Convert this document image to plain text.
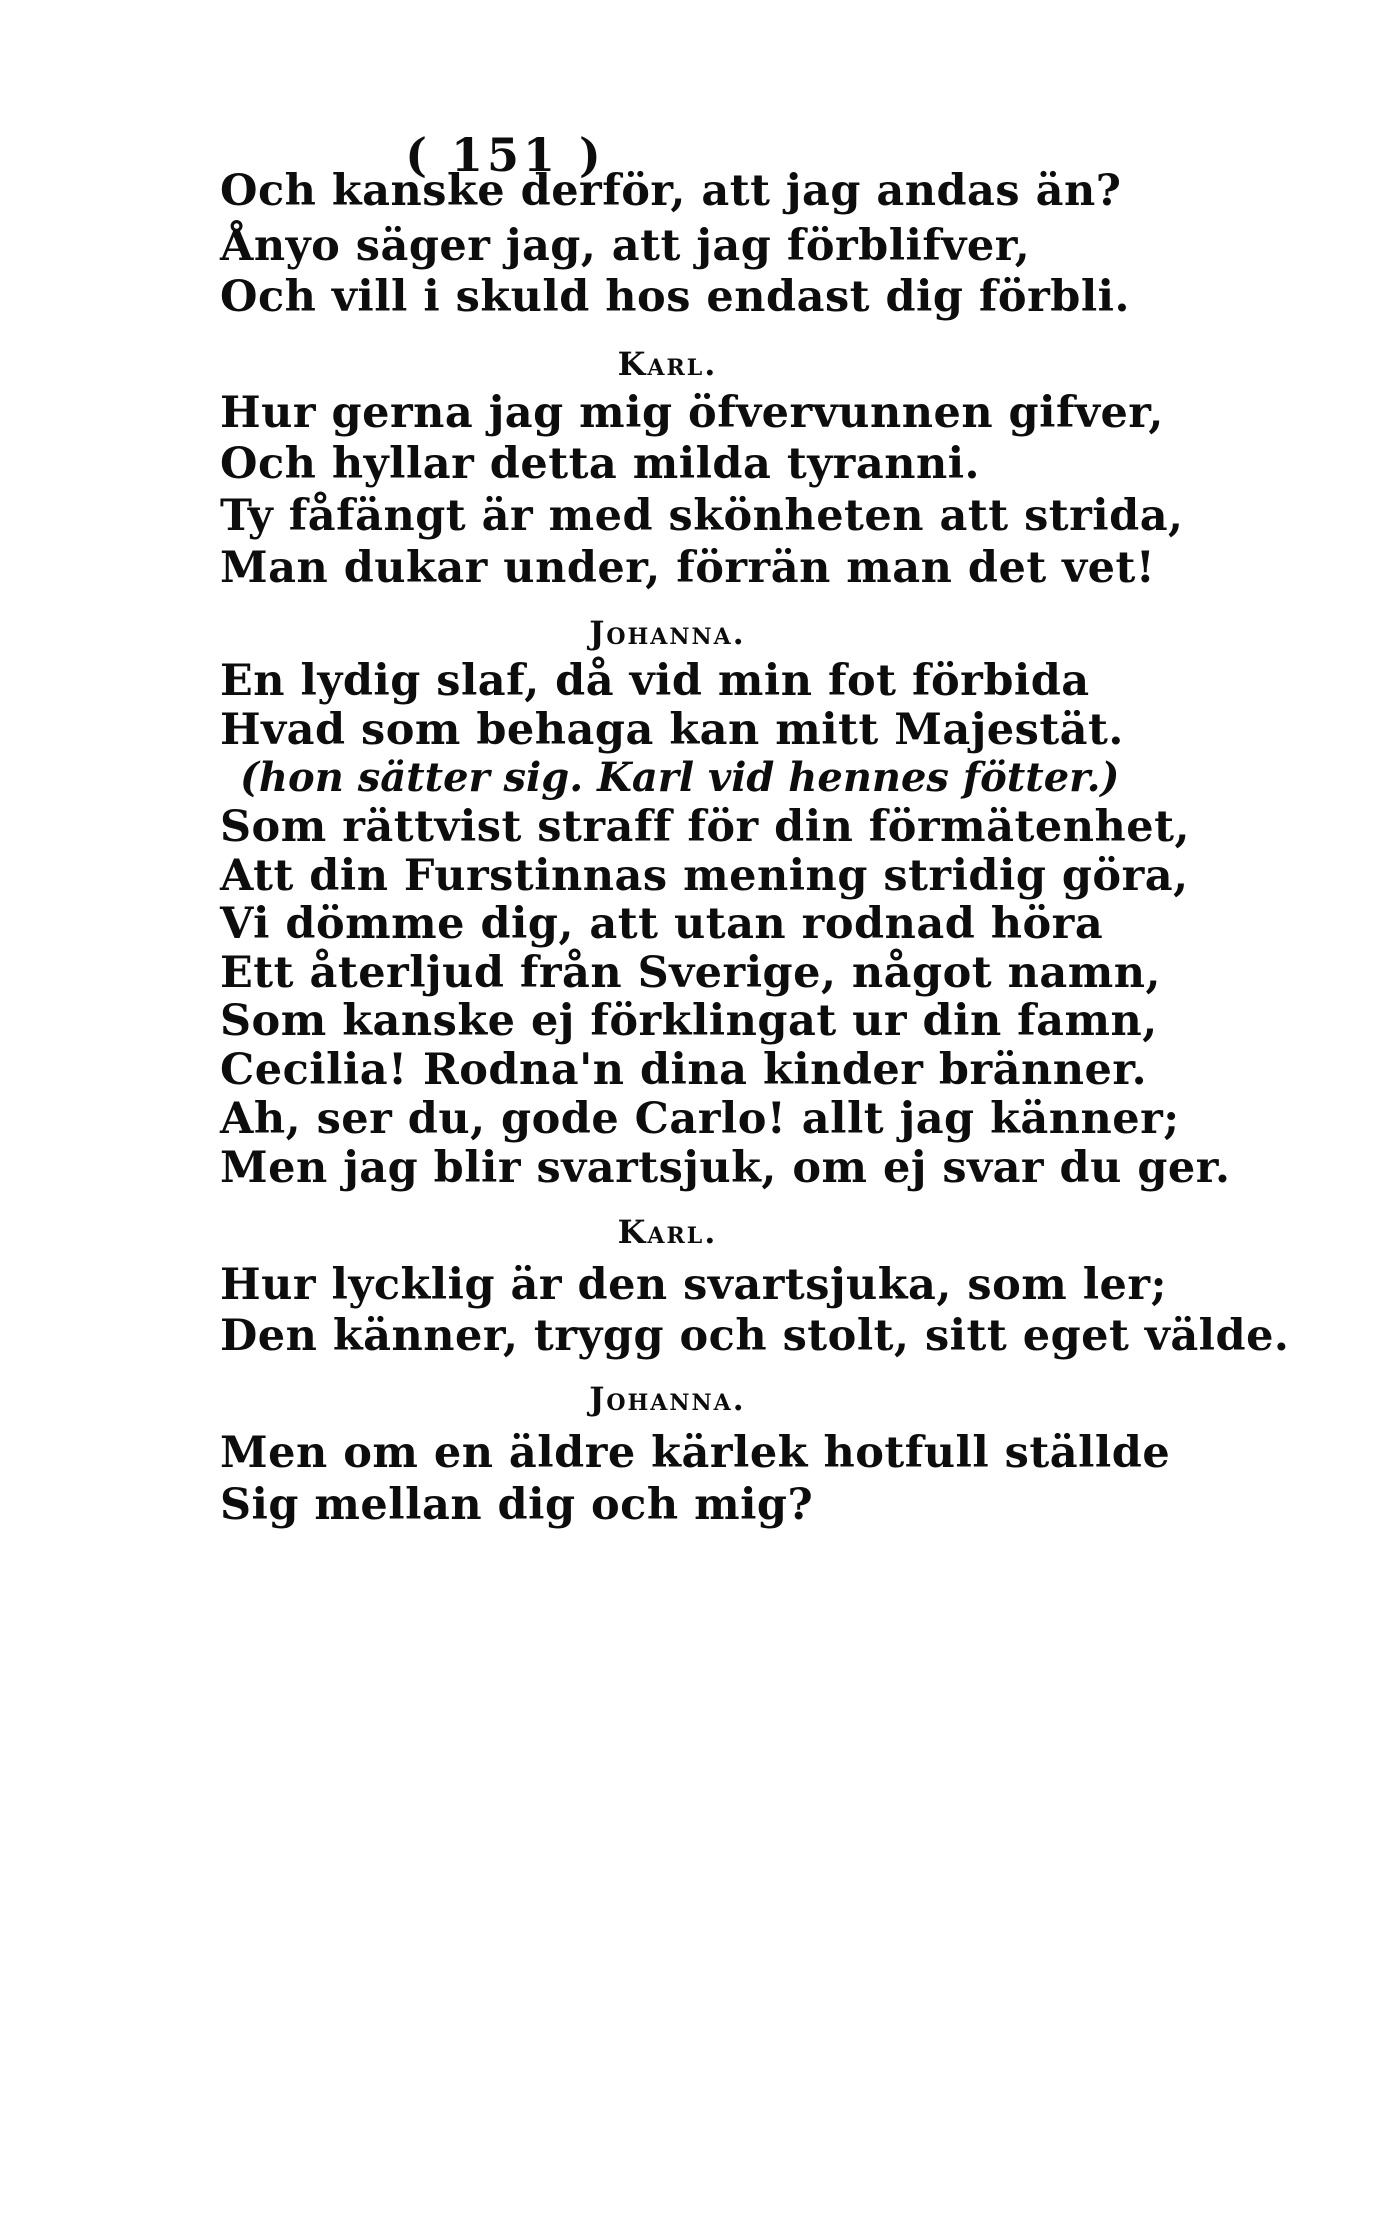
( 151 )
Och kanske derför, att jag andas än?
Ånyo säger jag, att jag förblifver,
Och vill i skuld hos endast dig förbli.
Karl.
Hur gerna jag mig öfvervunnen gifver,
Och hyllar detta milda tyranni.
Ty fåfängt är med skönheten att strida,
Man dukar under, förrän man det vet!
Johanna.
En lydig slaf, då vid min fot förbida
Hvad som behaga kan mitt Majestät.
(hon sätter sig. Karl vid hennes fötter.)
Som rättvist straff för din förmätenhet,
Att din Furstinnas mening stridig göra,
Vi dömme dig, att utan rodnad höra
Ett återljud från Sverige, något namn,
Som kanske ej förklingat ur din famn,
Cecilia! Rodna'n dina kinder bränner.
Ah, ser du, gode Carlo! allt jag känner;
Men jag blir svartsjuk, om ej svar du ger.
Karl.
Hur lycklig är den svartsjuka, som ler;
Den känner, trygg och stolt, sitt eget välde.
Johanna.
Men om en äldre kärlek hotfull ställde
Sig mellan dig och mig?
